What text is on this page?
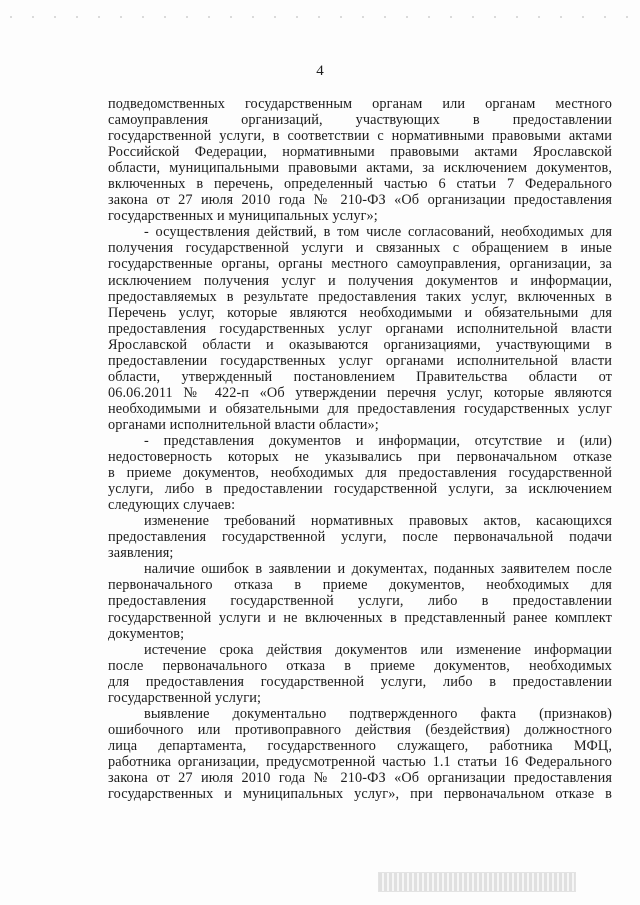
4

подведомственных государственным органам или органам местного

самоуправления организаций, участвующих в предоставлении

государственной услуги, в соответствии с нормативными правовыми актами

Российской Федерации, нормативными правовыми актами Ярославской

области, муниципальными правовыми актами, за исключением документов,

включенных в перечень, определенный частью 6 статьи 7 Федерального

закона от 27 июля 2010 года № 210-ФЗ «Об организации предоставления

государственных и муниципальных услуг»;

- осуществления действий, в том числе согласований, необходимых для

получения государственной услуги и связанных с обращением в иные

государственные органы, органы местного самоуправления, организации, за

исключением получения услуг и получения документов и информации,

предоставляемых в результате предоставления таких услуг, включенных в

Перечень услуг, которые являются необходимыми и обязательными для

предоставления государственных услуг органами исполнительной власти

Ярославской области и оказываются организациями, участвующими в

предоставлении государственных услуг органами исполнительной власти

области, утвержденный постановлением Правительства области от

06.06.2011 № 422-п «Об утверждении перечня услуг, которые являются

необходимыми и обязательными для предоставления государственных услуг

органами исполнительной власти области»;

- представления документов и информации, отсутствие и (или)

недостоверность которых не указывались при первоначальном отказе

в приеме документов, необходимых для предоставления государственной

услуги, либо в предоставлении государственной услуги, за исключением

следующих случаев:

изменение требований нормативных правовых актов, касающихся

предоставления государственной услуги, после первоначальной подачи

заявления;

наличие ошибок в заявлении и документах, поданных заявителем после

первоначального отказа в приеме документов, необходимых для

предоставления государственной услуги, либо в предоставлении

государственной услуги и не включенных в представленный ранее комплект

документов;

истечение срока действия документов или изменение информации

после первоначального отказа в приеме документов, необходимых

для предоставления государственной услуги, либо в предоставлении

государственной услуги;

выявление документально подтвержденного факта (признаков)

ошибочного или противоправного действия (бездействия) должностного

лица департамента, государственного служащего, работника МФЦ,

работника организации, предусмотренной частью 1.1 статьи 16 Федерального

закона от 27 июля 2010 года № 210-ФЗ «Об организации предоставления

государственных и муниципальных услуг», при первоначальном отказе в
